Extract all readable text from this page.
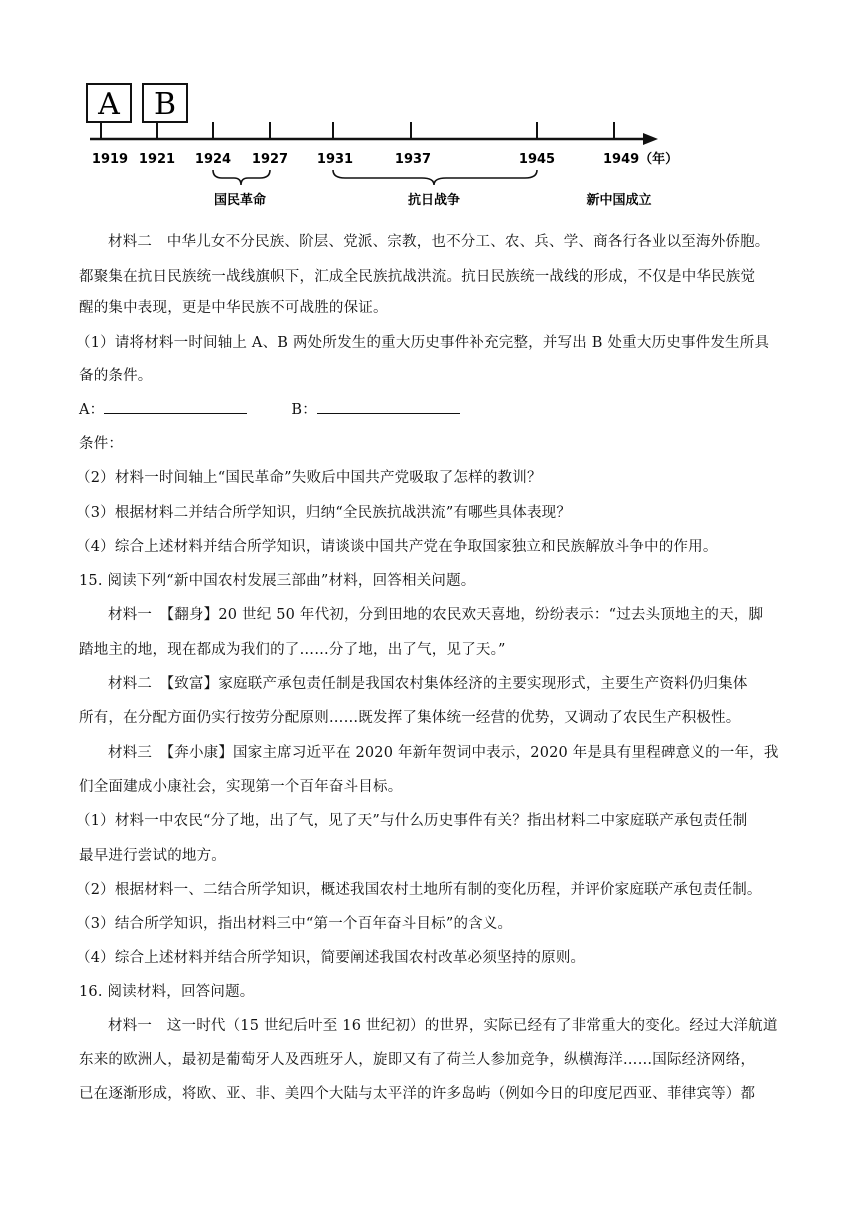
A B
1919 1921 1924 1927 1931	1937	1945	1949（年）
国民革命	抗日战争	新中国成立
材料二　中华儿女不分民族、阶层、党派、宗教，也不分工、农、兵、学、商各行各业以至海外侨胞。
都聚集在抗日民族统一战线旗帜下，汇成全民族抗战洪流。抗日民族统一战线的形成，不仅是中华民族觉
醒的集中表现，更是中华民族不可战胜的保证。
（1）请将材料一时间轴上 A、B 两处所发生的重大历史事件补充完整，并写出 B 处重大历史事件发生所具
备的条件。
A：	B：
条件：
（2）材料一时间轴上“国民革命”失败后中国共产党吸取了怎样的教训？
（3）根据材料二并结合所学知识，归纳“全民族抗战洪流”有哪些具体表现？
（4）综合上述材料并结合所学知识，请谈谈中国共产党在争取国家独立和民族解放斗争中的作用。
15. 阅读下列“新中国农村发展三部曲”材料，回答相关问题。
材料一　【翻身】20 世纪 50 年代初，分到田地的农民欢天喜地，纷纷表示：“过去头顶地主的天，脚
踏地主的地，现在都成为我们的了……分了地，出了气，见了天。”
材料二　【致富】家庭联产承包责任制是我国农村集体经济的主要实现形式，主要生产资料仍归集体
所有，在分配方面仍实行按劳分配原则……既发挥了集体统一经营的优势，又调动了农民生产积极性。
材料三　【奔小康】国家主席习近平在 2020 年新年贺词中表示，2020 年是具有里程碑意义的一年，我
们全面建成小康社会，实现第一个百年奋斗目标。
（1）材料一中农民“分了地，出了气，见了天”与什么历史事件有关？指出材料二中家庭联产承包责任制
最早进行尝试的地方。
（2）根据材料一、二结合所学知识，概述我国农村土地所有制的变化历程，并评价家庭联产承包责任制。
（3）结合所学知识，指出材料三中“第一个百年奋斗目标”的含义。
（4）综合上述材料并结合所学知识，简要阐述我国农村改革必须坚持的原则。
16. 阅读材料，回答问题。
材料一　这一时代（15 世纪后叶至 16 世纪初）的世界，实际已经有了非常重大的变化。经过大洋航道
东来的欧洲人，最初是葡萄牙人及西班牙人，旋即又有了荷兰人参加竞争，纵横海洋……国际经济网络，
已在逐渐形成，将欧、亚、非、美四个大陆与太平洋的许多岛屿（例如今日的印度尼西亚、菲律宾等）都
